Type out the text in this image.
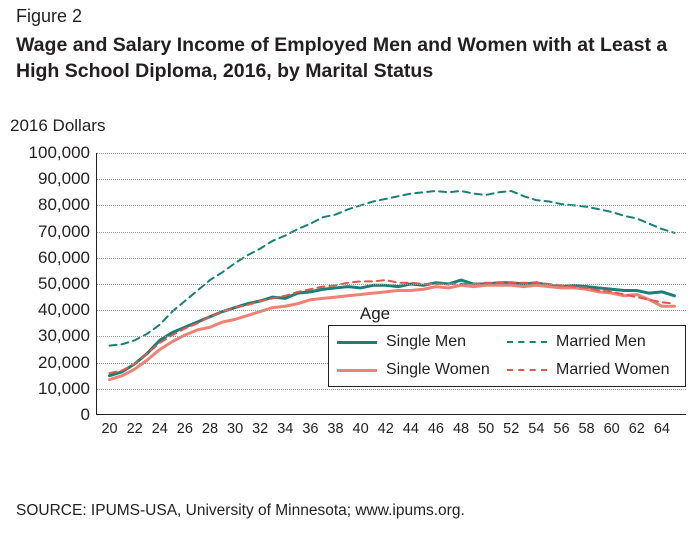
Figure 2
Wage and Salary Income of Employed Men and Women with at Least a High School Diploma, 2016, by Marital Status
2016 Dollars
0
10,000
20,000
30,000
40,000
50,000
60,000
70,000
80,000
90,000
100,000
20 22 24 26 28 30 32 34 36 38 40 42 44 46 48 50 52 54 56 58 60 62 64
Single Men	Married Men
Single Women	Married Women
Age
SOURCE: IPUMS-USA, University of Minnesota; www.ipums.org.
